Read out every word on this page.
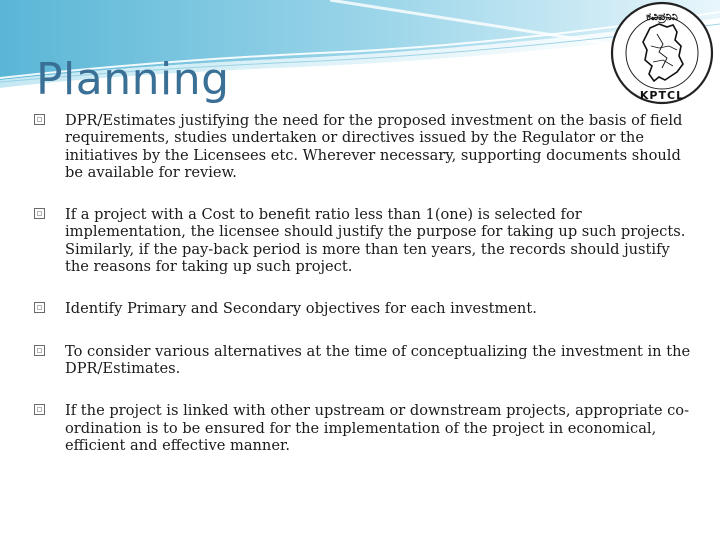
Planning
ಕವಿಪ್ರನಿನಿ
KPTCL
DPR/Estimates justifying the need for the proposed investment on the basis of field requirements, studies undertaken or directives issued by the Regulator or the initiatives by the Licensees etc. Wherever necessary, supporting documents should be available for review.
If a project with a Cost to benefit ratio less than 1(one) is selected for implementation, the licensee should justify the purpose for taking up such projects. Similarly, if the pay-back period is more than ten years, the records should justify the reasons for taking up such project.
Identify Primary and Secondary objectives for each investment.
To consider various alternatives at the time of conceptualizing the investment in the DPR/Estimates.
If the project is linked with other upstream or downstream projects, appropriate co-ordination is to be ensured for the implementation of the project in economical, efficient and effective manner.
